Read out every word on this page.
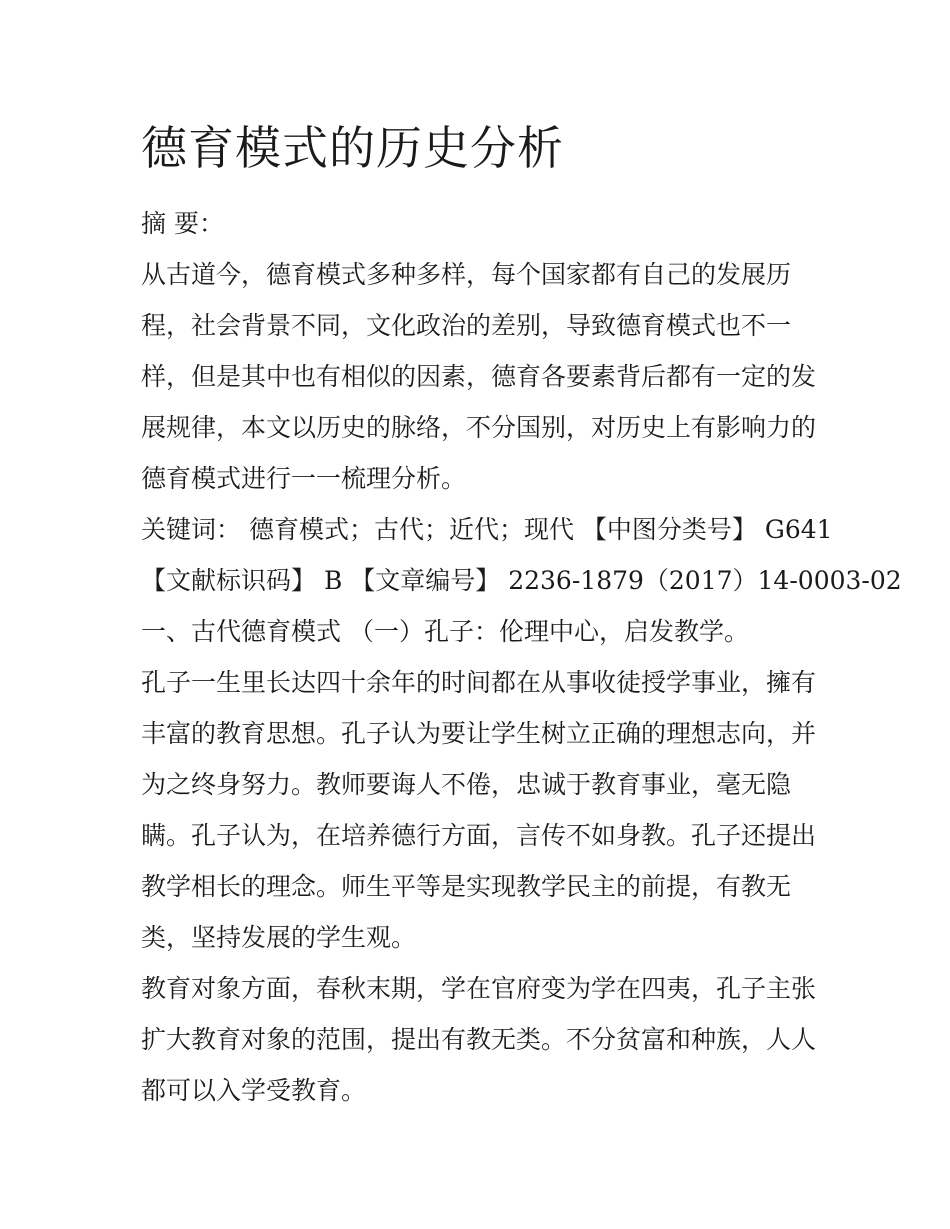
德育模式的历史分析

摘 要：

从古道今，德育模式多种多样，每个国家都有自己的发展历

程，社会背景不同，文化政治的差别，导致德育模式也不一

样，但是其中也有相似的因素，德育各要素背后都有一定的发

展规律，本文以历史的脉络，不分国别，对历史上有影响力的

德育模式进行一一梳理分析。

关键词： 德育模式；古代；近代；现代 【中图分类号】 G641

【文献标识码】 B 【文章编号】 2236-1879（2017）14-0003-02

一、古代德育模式 （一）孔子：伦理中心，启发教学。

孔子一生里长达四十余年的时间都在从事收徒授学事业，擁有

丰富的教育思想。孔子认为要让学生树立正确的理想志向，并

为之终身努力。教师要诲人不倦，忠诚于教育事业，毫无隐

瞒。孔子认为，在培养德行方面，言传不如身教。孔子还提出

教学相长的理念。师生平等是实现教学民主的前提，有教无

类，坚持发展的学生观。

教育对象方面，春秋末期，学在官府变为学在四夷，孔子主张

扩大教育对象的范围，提出有教无类。不分贫富和种族，人人

都可以入学受教育。
